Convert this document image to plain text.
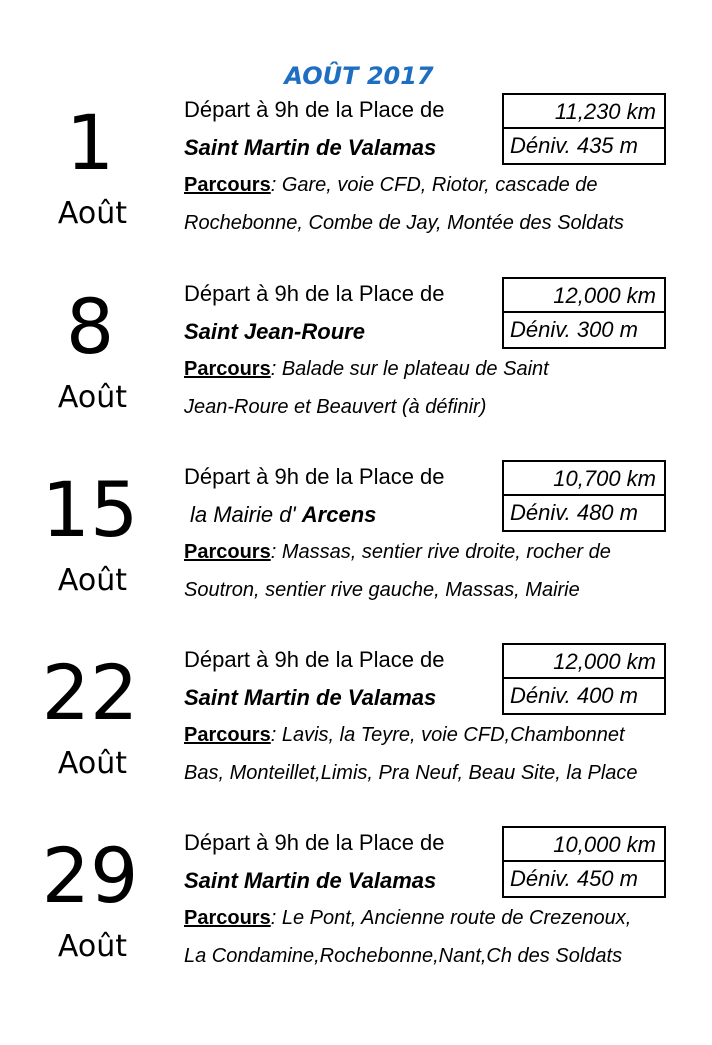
AOÛT 2017
1
Août
Départ à 9h de la Place de
Saint Martin de Valamas
Parcours: Gare, voie CFD, Riotor, cascade de
Rochebonne, Combe de Jay, Montée des Soldats
11,230 km
Déniv. 435 m
8
Août
Départ à 9h de la Place de
Saint Jean-Roure
Parcours: Balade sur le plateau de Saint
Jean-Roure et Beauvert (à définir)
12,000 km
Déniv. 300 m
15
Août
Départ à 9h de la Place de
la Mairie d' Arcens
Parcours: Massas, sentier rive droite, rocher de
Soutron, sentier rive gauche, Massas, Mairie
10,700 km
Déniv. 480 m
22
Août
Départ à 9h de la Place de
Saint Martin de Valamas
Parcours: Lavis, la Teyre, voie CFD,Chambonnet
Bas, Monteillet,Limis, Pra Neuf, Beau Site, la Place
12,000 km
Déniv. 400 m
29
Août
Départ à 9h de la Place de
Saint Martin de Valamas
Parcours: Le Pont, Ancienne route de Crezenoux,
La Condamine,Rochebonne,Nant,Ch des Soldats
10,000 km
Déniv. 450 m
